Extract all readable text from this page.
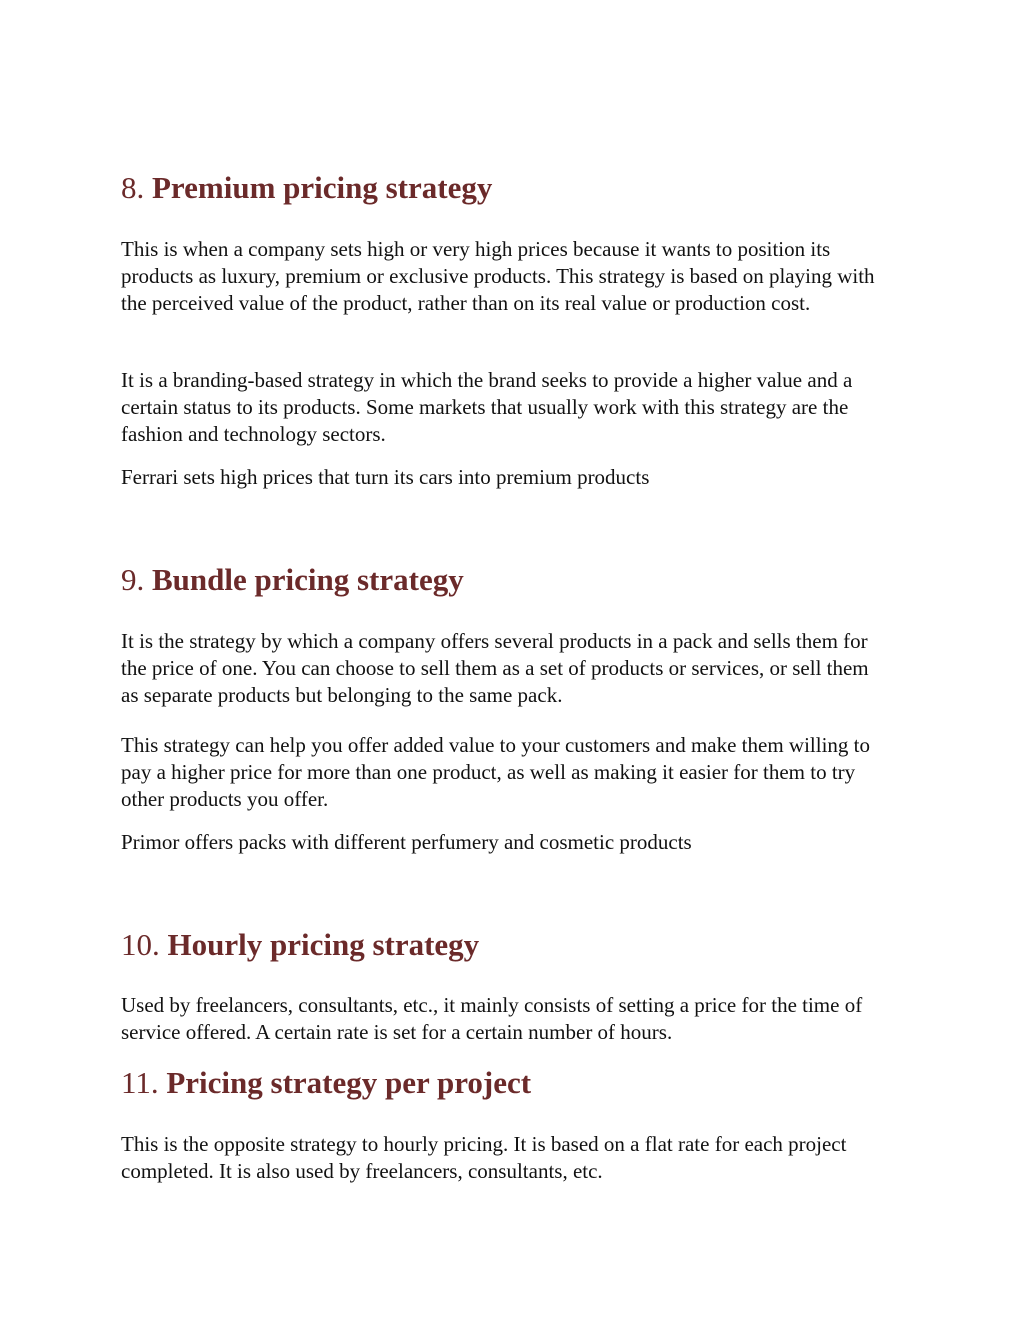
8. Premium pricing strategy

This is when a company sets high or very high prices because it wants to position its products as luxury, premium or exclusive products. This strategy is based on playing with the perceived value of the product, rather than on its real value or production cost.

It is a branding-based strategy in which the brand seeks to provide a higher value and a certain status to its products. Some markets that usually work with this strategy are the fashion and technology sectors.

Ferrari sets high prices that turn its cars into premium products

9. Bundle pricing strategy

It is the strategy by which a company offers several products in a pack and sells them for the price of one. You can choose to sell them as a set of products or services, or sell them as separate products but belonging to the same pack.

This strategy can help you offer added value to your customers and make them willing to pay a higher price for more than one product, as well as making it easier for them to try other products you offer.

Primor offers packs with different perfumery and cosmetic products

10. Hourly pricing strategy

Used by freelancers, consultants, etc., it mainly consists of setting a price for the time of service offered. A certain rate is set for a certain number of hours.

11. Pricing strategy per project

This is the opposite strategy to hourly pricing. It is based on a flat rate for each project completed. It is also used by freelancers, consultants, etc.
